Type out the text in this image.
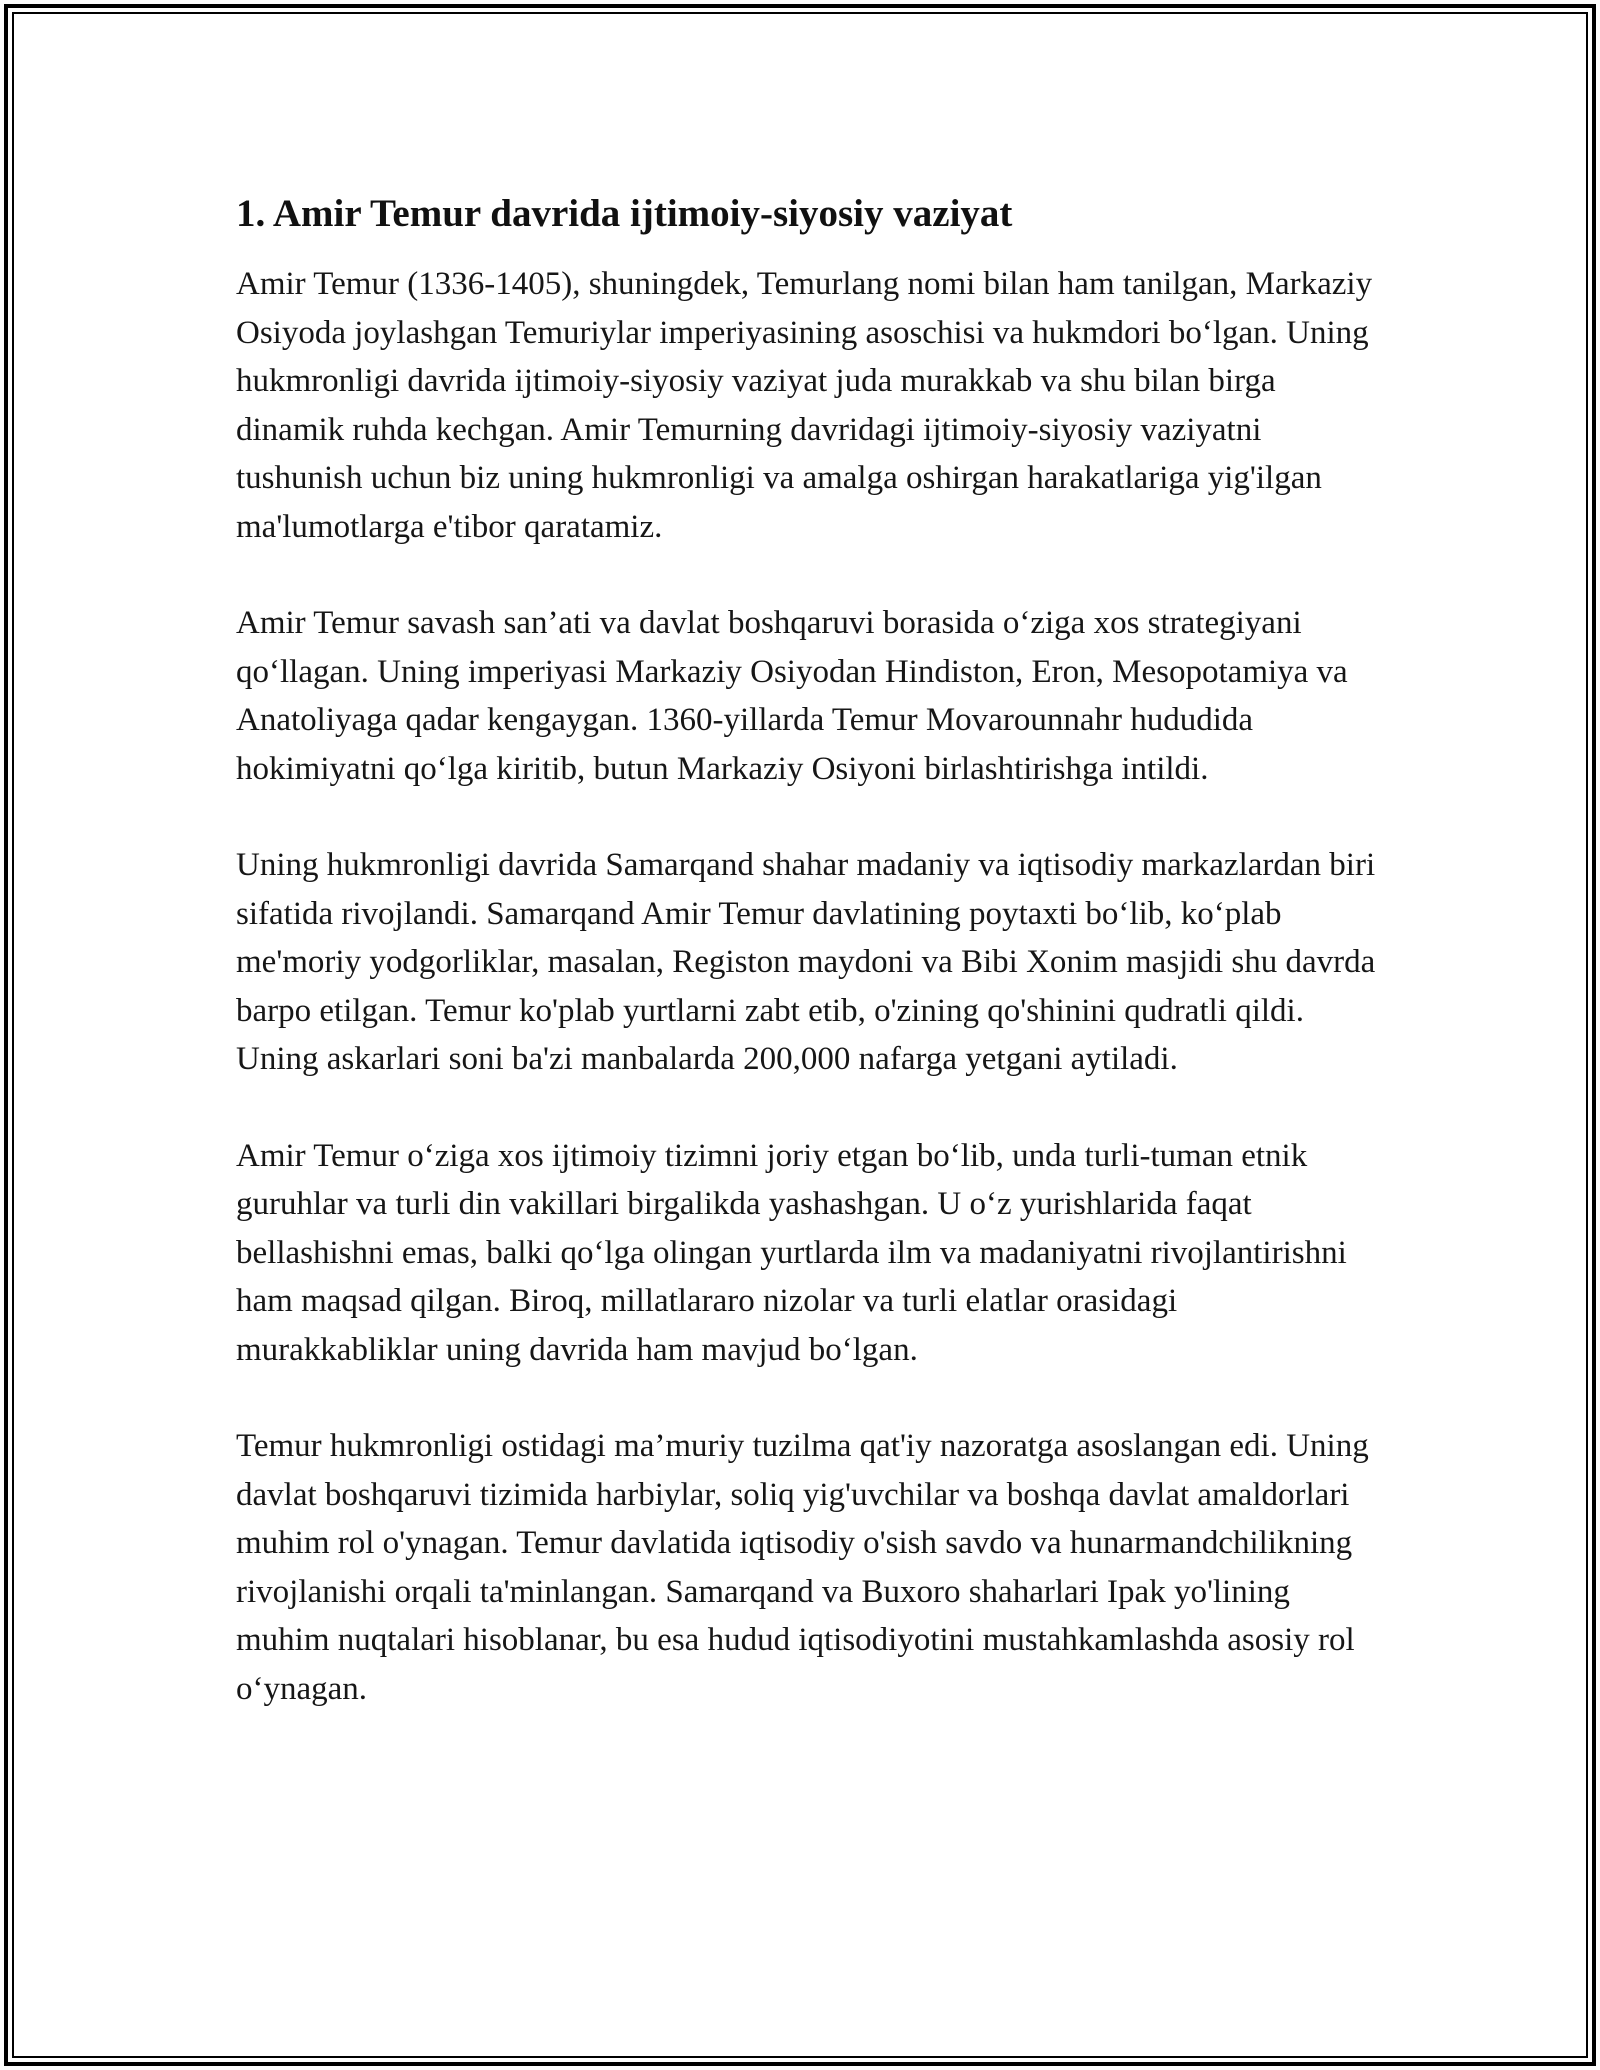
1. Amir Temur davrida ijtimoiy-siyosiy vaziyat

Amir Temur (1336-1405), shuningdek, Temurlang nomi bilan ham tanilgan, Markaziy Osiyoda joylashgan Temuriylar imperiyasining asoschisi va hukmdori bo‘lgan. Uning hukmronligi davrida ijtimoiy-siyosiy vaziyat juda murakkab va shu bilan birga dinamik ruhda kechgan. Amir Temurning davridagi ijtimoiy-siyosiy vaziyatni tushunish uchun biz uning hukmronligi va amalga oshirgan harakatlariga yig'ilgan ma'lumotlarga e'tibor qaratamiz.

Amir Temur savash san’ati va davlat boshqaruvi borasida o‘ziga xos strategiyani qo‘llagan. Uning imperiyasi Markaziy Osiyodan Hindiston, Eron, Mesopotamiya va Anatoliyaga qadar kengaygan. 1360-yillarda Temur Movarounnahr hududida hokimiyatni qo‘lga kiritib, butun Markaziy Osiyoni birlashtirishga intildi.

Uning hukmronligi davrida Samarqand shahar madaniy va iqtisodiy markazlardan biri sifatida rivojlandi. Samarqand Amir Temur davlatining poytaxti bo‘lib, ko‘plab me'moriy yodgorliklar, masalan, Registon maydoni va Bibi Xonim masjidi shu davrda barpo etilgan. Temur ko'plab yurtlarni zabt etib, o'zining qo'shinini qudratli qildi. Uning askarlari soni ba'zi manbalarda 200,000 nafarga yetgani aytiladi.

Amir Temur o‘ziga xos ijtimoiy tizimni joriy etgan bo‘lib, unda turli-tuman etnik guruhlar va turli din vakillari birgalikda yashashgan. U o‘z yurishlarida faqat bellashishni emas, balki qo‘lga olingan yurtlarda ilm va madaniyatni rivojlantirishni ham maqsad qilgan. Biroq, millatlararo nizolar va turli elatlar orasidagi murakkabliklar uning davrida ham mavjud bo‘lgan.

Temur hukmronligi ostidagi ma’muriy tuzilma qat'iy nazoratga asoslangan edi. Uning davlat boshqaruvi tizimida harbiylar, soliq yig'uvchilar va boshqa davlat amaldorlari muhim rol o'ynagan. Temur davlatida iqtisodiy o'sish savdo va hunarmandchilikning rivojlanishi orqali ta'minlangan. Samarqand va Buxoro shaharlari Ipak yo'lining muhim nuqtalari hisoblanar, bu esa hudud iqtisodiyotini mustahkamlashda asosiy rol o‘ynagan.
